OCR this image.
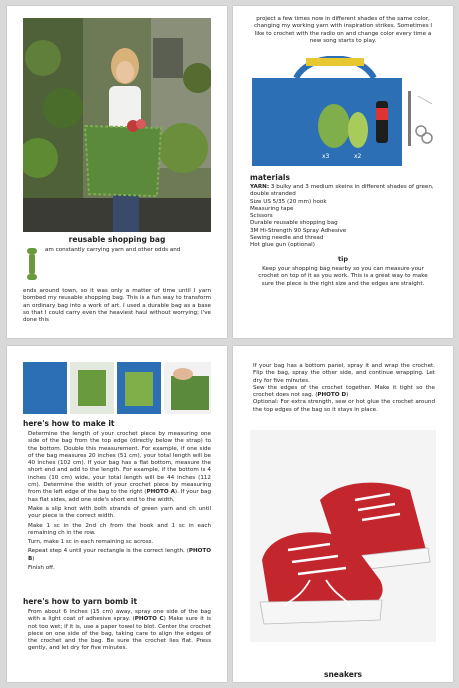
reusable shopping bag

am constantly carrying yarn and other odds and

ends around town, so it was only a matter of time until I yarn bombed my reusable shopping bag. This is a fun way to transform an ordinary bag into a work of art. I used a durable bag as a base so that I could carry even the heaviest haul without worrying; I've done this

project a few times now in different shades of the same color, changing my working yarn with inspiration strikes. Sometimes I like to crochet with the radio on and change color every time a new song starts to play.

x3	x2
materials

YARN: 3 bulky and 3 medium skeins in different shades of green, double stranded

Size US 5/35 (20 mm) hook

Measuring tape

Scissors

Durable reusable shopping bag

3M Hi-Strength 90 Spray Adhesive

Sewing needle and thread

Hot glue gun (optional)

tip

Keep your shopping bag nearby so you can measure your crochet on top of it as you work. This is a great way to make sure the piece is the right size and the edges are straight.

here's how to make it

Determine the length of your crochet piece by measuring one side of the bag from the top edge (directly below the strap) to the bottom. Double this measurement. For example, if one side of the bag measures 20 inches (51 cm), your total length will be 40 inches (102 cm). If your bag has a flat bottom, measure the short end and add to the length. For example, if the bottom is 4 inches (10 cm) wide, your total length will be 44 inches (112 cm). Determine the width of your crochet piece by measuring from the left edge of the bag to the right (PHOTO A). If your bag has flat sides, add one side's short end to the width.

Make a slip knot with both strands of green yarn and ch until your piece is the correct width.

Make 1 sc in the 2nd ch from the hook and 1 sc in each remaining ch in the row.

Turn, make 1 sc in each remaining sc across.

Repeat step 4 until your rectangle is the correct length. (PHOTO B)

Finish off.

here's how to yarn bomb it

From about 6 inches (15 cm) away, spray one side of the bag with a light coat of adhesive spray. (PHOTO C) Make sure it is not too wet; if it is, use a paper towel to blot. Center the crochet piece on one side of the bag, taking care to align the edges of the crochet and the bag. Be sure the crochet lies flat. Press gently, and let dry for five minutes.

If your bag has a bottom panel, spray it and wrap the crochet. Flip the bag, spray the other side, and continue wrapping. Let dry for five minutes.

Sew the edges of the crochet together. Make it tight so the crochet does not sag. (PHOTO D)

Optional: For extra strength, sew or hot glue the crochet around the top edges of the bag so it stays in place.

sneakers
